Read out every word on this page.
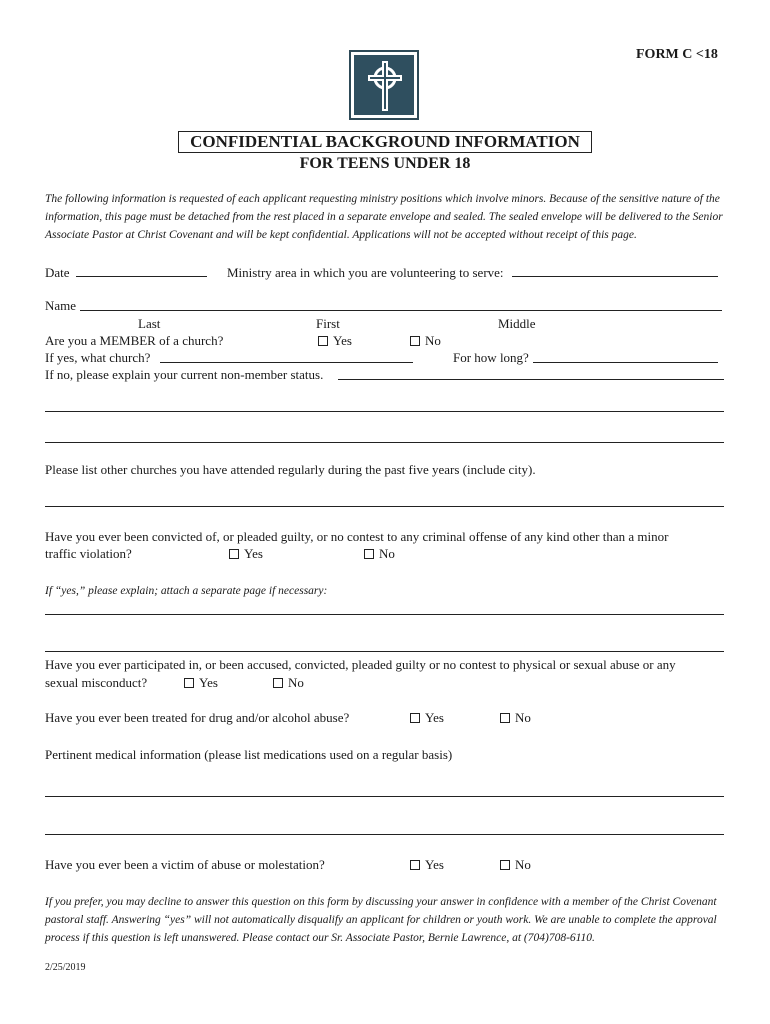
FORM C <18
CONFIDENTIAL BACKGROUND INFORMATION
FOR TEENS UNDER 18
The following information is requested of each applicant requesting ministry positions which involve minors. Because of the sensitive nature of the
information, this page must be detached from the rest placed in a separate envelope and sealed. The sealed envelope will be delivered to the Senior
Associate Pastor at Christ Covenant and will be kept confidential. Applications will not be accepted without receipt of this page.
Date	Ministry area in which you are volunteering to serve:
Name
Last	First	Middle
Are you a MEMBER of a church?	Yes	No
If yes, what church?	For how long?
If no, please explain your current non-member status.
Please list other churches you have attended regularly during the past five years (include city).
Have you ever been convicted of, or pleaded guilty, or no contest to any criminal offense of any kind other than a minor
traffic violation?	Yes	No
If “yes,” please explain; attach a separate page if necessary:
Have you ever participated in, or been accused, convicted, pleaded guilty or no contest to physical or sexual abuse or any
sexual misconduct?	Yes	No
Have you ever been treated for drug and/or alcohol abuse?	Yes	No
Pertinent medical information (please list medications used on a regular basis)
Have you ever been a victim of abuse or molestation?	Yes	No
If you prefer, you may decline to answer this question on this form by discussing your answer in confidence with a member of the Christ Covenant
pastoral staff. Answering “yes” will not automatically disqualify an applicant for children or youth work. We are unable to complete the approval
process if this question is left unanswered. Please contact our Sr. Associate Pastor, Bernie Lawrence, at (704)708-6110.
2/25/2019
